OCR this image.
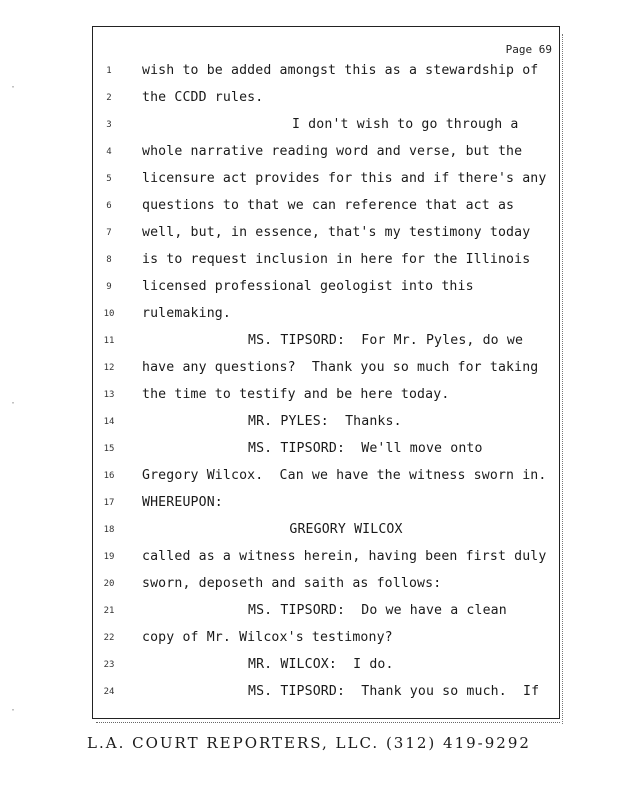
Page 69
·
·
·
1	wish to be added amongst this as a stewardship of
2	the CCDD rules.
3	I don't wish to go through a
4	whole narrative reading word and verse, but the
5	licensure act provides for this and if there's any
6	questions to that we can reference that act as
7	well, but, in essence, that's my testimony today
8	is to request inclusion in here for the Illinois
9	licensed professional geologist into this
10	rulemaking.
11	MS. TIPSORD:  For Mr. Pyles, do we
12	have any questions?  Thank you so much for taking
13	the time to testify and be here today.
14	MR. PYLES:  Thanks.
15	MS. TIPSORD:  We'll move onto
16	Gregory Wilcox.  Can we have the witness sworn in.
17	WHEREUPON:
18	GREGORY WILCOX
19	called as a witness herein, having been first duly
20	sworn, deposeth and saith as follows:
21	MS. TIPSORD:  Do we have a clean
22	copy of Mr. Wilcox's testimony?
23	MR. WILCOX:  I do.
24	MS. TIPSORD:  Thank you so much.  If
L.A. COURT REPORTERS, LLC. (312) 419-9292
